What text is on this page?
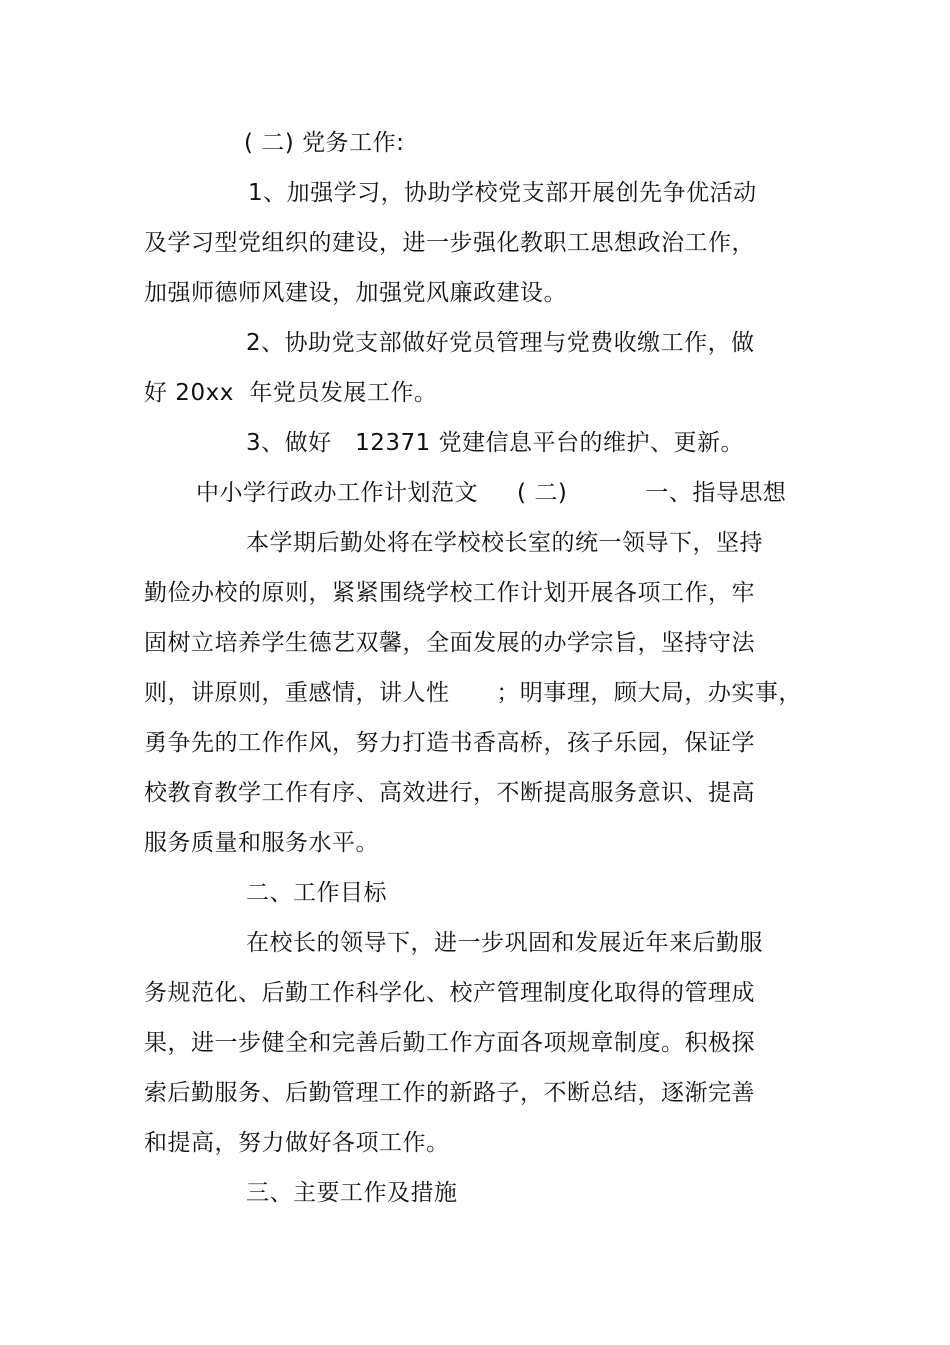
( 二) 党务工作:
1、加强学习，协助学校党支部开展创先争优活动
及学习型党组织的建设，进一步强化教职工思想政治工作，
加强师德师风建设，加强党风廉政建设。
2、协助党支部做好党员管理与党费收缴工作，做
好 20xx  年党员发展工作。
3、做好   12371 党建信息平台的维护、更新。
中小学行政办工作计划范文     ( 二)          一、指导思想
本学期后勤处将在学校校长室的统一领导下，坚持
勤俭办校的原则，紧紧围绕学校工作计划开展各项工作，牢
固树立培养学生德艺双馨，全面发展的办学宗旨，坚持守法
则，讲原则，重感情，讲人性      ；明事理，顾大局，办实事，
勇争先的工作作风，努力打造书香高桥，孩子乐园，保证学
校教育教学工作有序、高效进行，不断提高服务意识、提高
服务质量和服务水平。
二、工作目标
在校长的领导下，进一步巩固和发展近年来后勤服
务规范化、后勤工作科学化、校产管理制度化取得的管理成
果，进一步健全和完善后勤工作方面各项规章制度。积极探
索后勤服务、后勤管理工作的新路子，不断总结，逐渐完善
和提高，努力做好各项工作。
三、主要工作及措施
